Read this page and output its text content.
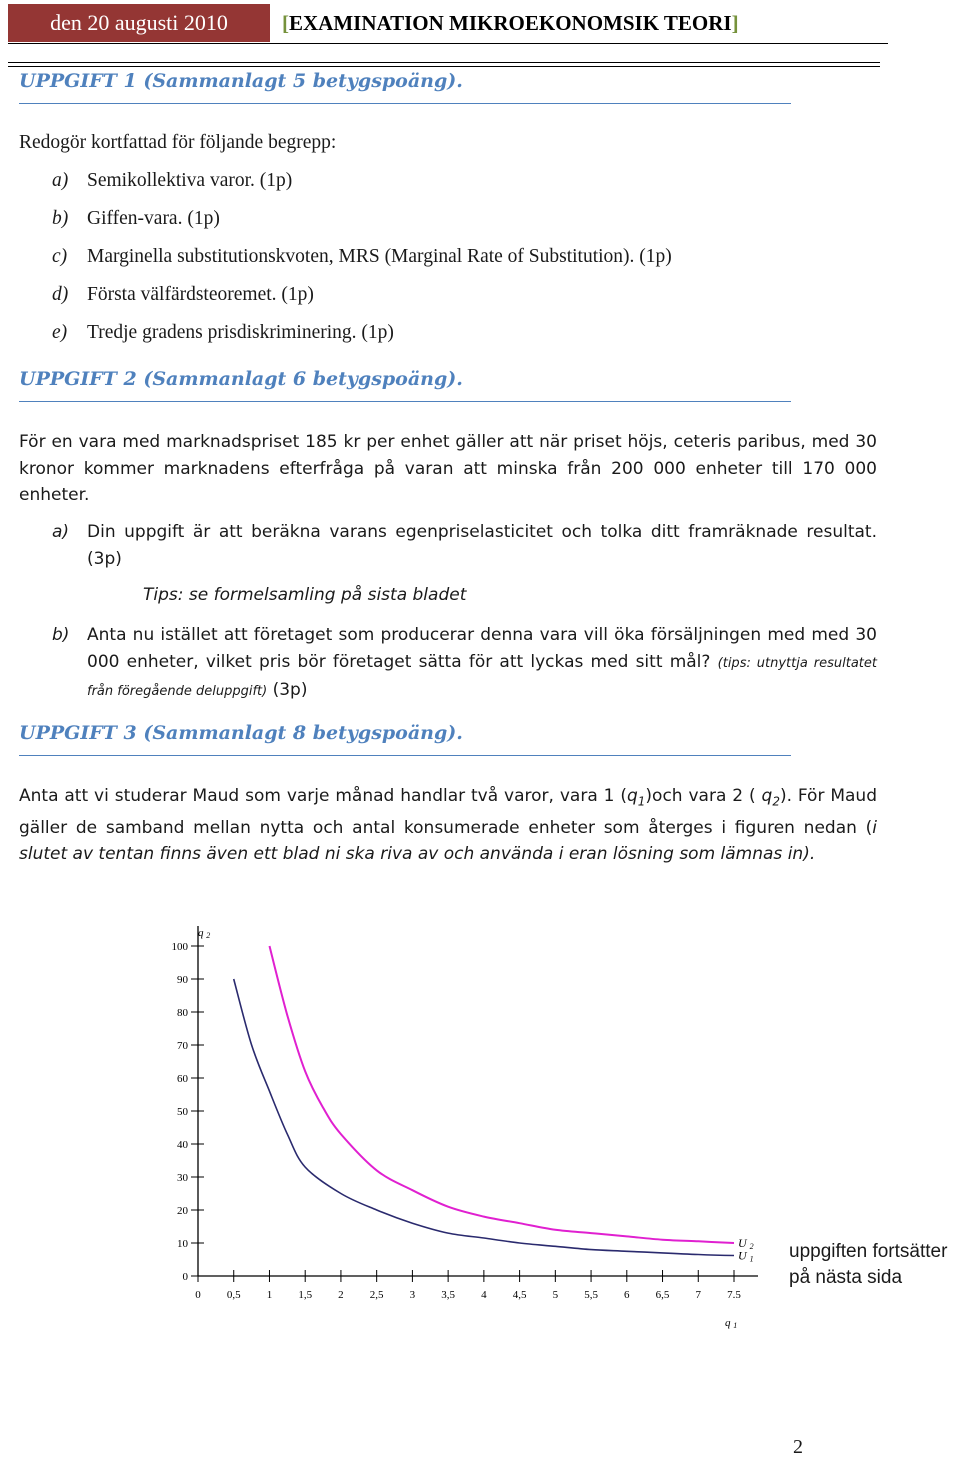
den 20 augusti 2010	[EXAMINATION MIKROEKONOMSIK TEORI]
UPPGIFT 1 (Sammanlagt 5 betygspoäng).
Redogör kortfattad för följande begrepp:
a) Semikollektiva varor. (1p)
b) Giffen-vara. (1p)
c) Marginella substitutionskvoten, MRS (Marginal Rate of Substitution). (1p)
d) Första välfärdsteoremet. (1p)
e) Tredje gradens prisdiskriminering. (1p)
UPPGIFT 2 (Sammanlagt 6 betygspoäng).
För en vara med marknadspriset 185 kr per enhet gäller att när priset höjs, ceteris paribus, med 30 kronor kommer marknadens efterfråga på varan att minska från 200 000 enheter till 170 000 enheter.
a) Din uppgift är att beräkna varans egenpriselasticitet och tolka ditt framräknade resultat. (3p)
Tips: se formelsamling på sista bladet
b) Anta nu istället att företaget som producerar denna vara vill öka försäljningen med med 30 000 enheter, vilket pris bör företaget sätta för att lyckas med sitt mål? (tips: utnyttja resultatet från föregående deluppgift) (3p)
UPPGIFT 3 (Sammanlagt 8 betygspoäng).
Anta att vi studerar Maud som varje månad handlar två varor, vara 1 $(q_1)och$ vara 2 ( $q_2$). För Maud gäller de samband mellan nytta och antal konsumerade enheter som återges i figuren nedan (i slutet av tentan finns även ett blad ni ska riva av och använda i eran lösning som lämnas in).
0
10
20
30
40
50
60
70
80
90
100
0 0,5 1 1,5 2 2,5 3 3,5 4 4,5 5 5,5 6 6,5 7 7.5
U 2
U 1
q 2
q 1
uppgiften fortsätter på nästa sida
2
